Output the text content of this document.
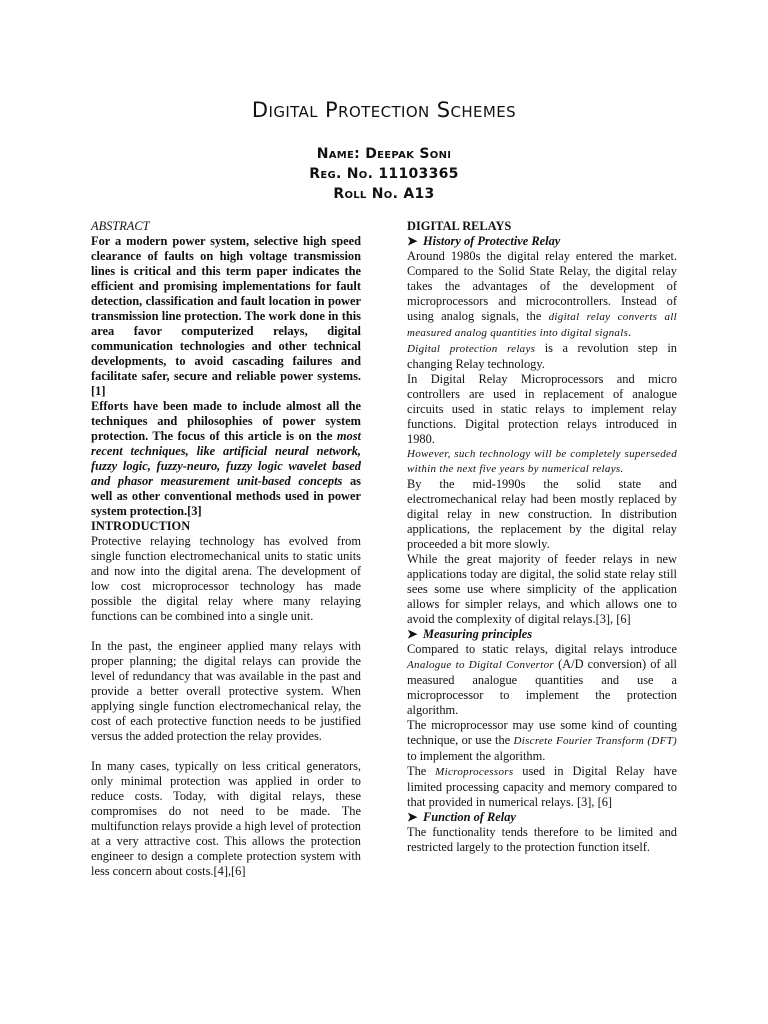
Digital Protection Schemes
Name: Deepak Soni
Reg. No. 11103365
Roll No. A13

ABSTRACT

For a modern power system, selective high speed clearance of faults on high voltage transmission lines is critical and this term paper indicates the efficient and promising implementations for fault detection, classification and fault location in power transmission line protection. The work done in this area favor computerized relays, digital communication technologies and other technical developments, to avoid cascading failures and facilitate safer, secure and reliable power systems.[1]

Efforts have been made to include almost all the techniques and philosophies of power system protection. The focus of this article is on the most recent techniques, like artificial neural network, fuzzy logic, fuzzy-neuro, fuzzy logic wavelet based and phasor measurement unit-based concepts as well as other conventional methods used in power system protection.[3]

INTRODUCTION

Protective relaying technology has evolved from single function electromechanical units to static units and now into the digital arena. The development of low cost microprocessor technology has made possible the digital relay where many relaying functions can be combined into a single unit.

In the past, the engineer applied many relays with proper planning; the digital relays can provide the level of redundancy that was available in the past and provide a better overall protective system. When applying single function electromechanical relay, the cost of each protective function needs to be justified versus the added protection the relay provides.

In many cases, typically on less critical generators, only minimal protection was applied in order to reduce costs. Today, with digital relays, these compromises do not need to be made. The multifunction relays provide a high level of protection at a very attractive cost. This allows the protection engineer to design a complete protection system with less concern about costs.[4],[6]

DIGITAL RELAYS

➤ History of Protective Relay

Around 1980s the digital relay entered the market. Compared to the Solid State Relay, the digital relay takes the advantages of the development of microprocessors and microcontrollers. Instead of using analog signals, the digital relay converts all measured analog quantities into digital signals.

Digital protection relays is a revolution step in changing Relay technology.

In Digital Relay Microprocessors and micro controllers are used in replacement of analogue circuits used in static relays to implement relay functions. Digital protection relays introduced in 1980.

However, such technology will be completely superseded within the next five years by numerical relays.

By the mid-1990s the solid state and electromechanical relay had been mostly replaced by digital relay in new construction. In distribution applications, the replacement by the digital relay proceeded a bit more slowly.

While the great majority of feeder relays in new applications today are digital, the solid state relay still sees some use where simplicity of the application allows for simpler relays, and which allows one to avoid the complexity of digital relays.[3], [6]

➤ Measuring principles

Compared to static relays, digital relays introduce Analogue to Digital Convertor (A/D conversion) of all measured analogue quantities and use a microprocessor to implement the protection algorithm.

The microprocessor may use some kind of counting technique, or use the Discrete Fourier Transform (DFT) to implement the algorithm.

The Microprocessors used in Digital Relay have limited processing capacity and memory compared to that provided in numerical relays. [3], [6]

➤ Function of Relay

The functionality tends therefore to be limited and restricted largely to the protection function itself.
